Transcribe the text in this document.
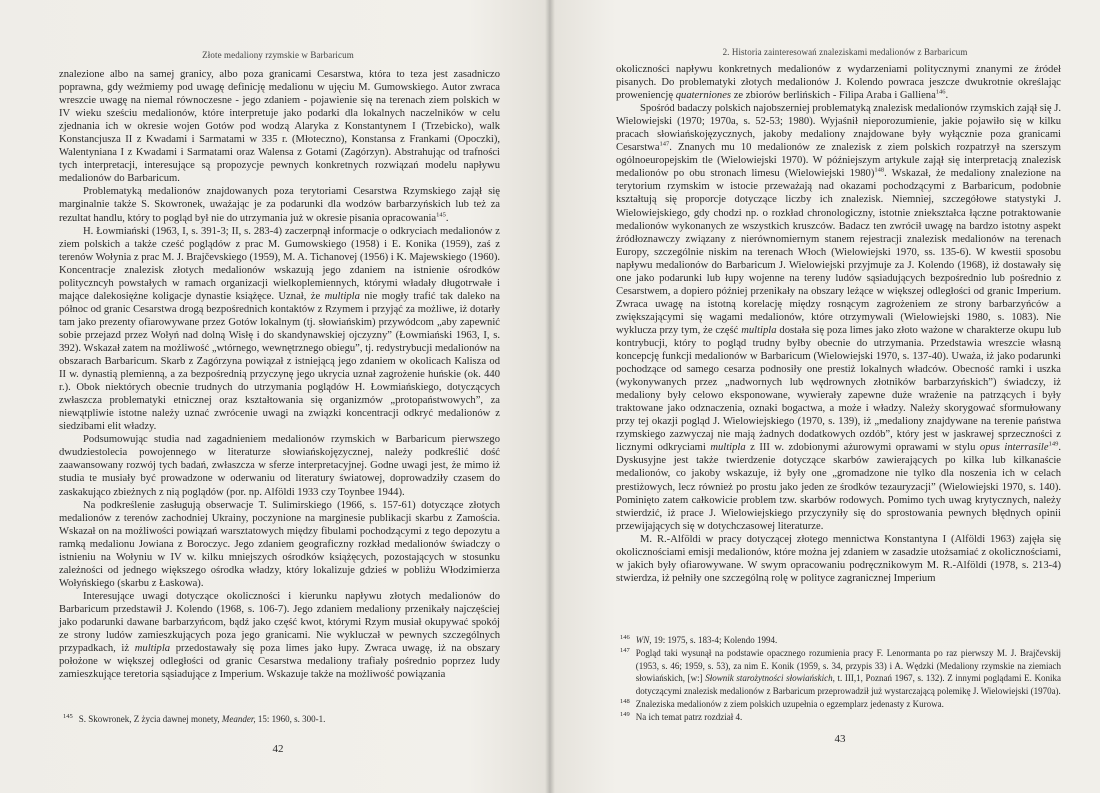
Złote medaliony rzymskie w Barbaricum

znalezione albo na samej granicy, albo poza granicami Cesarstwa, która to teza jest zasadniczo poprawna, gdy weźmiemy pod uwagę definicję medalionu w ujęciu M. Gumowskiego. Autor zwraca wreszcie uwagę na niemal równoczesne - jego zdaniem - pojawienie się na terenach ziem polskich w IV wieku sześciu medalionów, które interpretuje jako podarki dla lokalnych naczelników w celu zjednania ich w okresie wojen Gotów pod wodzą Alaryka z Konstantynem I (Trzebicko), walk Konstancjusza II z Kwadami i Sarmatami w 335 r. (Młoteczno), Konstansa z Frankami (Opoczki), Walentyniana I z Kwadami i Sarmatami oraz Walensa z Gotami (Zagórzyn). Abstrahując od trafności tych interpretacji, interesujące są propozycje pewnych konkretnych rozwiązań modelu napływu medalionów do Barbaricum.

Problematyką medalionów znajdowanych poza terytoriami Cesarstwa Rzymskiego zajął się marginalnie także S. Skowronek, uważając je za podarunki dla wodzów barbarzyńskich lub też za rezultat handlu, który to pogląd był nie do utrzymania już w okresie pisania opracowania$^{145}$.

H. Łowmiański (1963, I, s. 391-3; II, s. 283-4) zaczerpnął informacje o odkryciach medalionów z ziem polskich a także cześć poglądów z prac M. Gumowskiego (1958) i E. Konika (1959), zaś z terenów Wołynia z prac M. J. Brajčevskiego (1959), M. A. Tichanovej (1956) i K. Majewskiego (1960). Koncentracje znalezisk złotych medalionów wskazują jego zdaniem na istnienie ośrodków polityczncyh powstałych w ramach organizacji wielkoplemiennych, którymi władały długotrwałe i mające dalekosiężne koligacje dynastie książęce. Uznał, że multipla nie mogły trafić tak daleko na północ od granic Cesarstwa drogą bezpośrednich kontaktów z Rzymem i przyjąć za możliwe, iż dotarły tam jako prezenty ofiarowywane przez Gotów lokalnym (tj. słowiańskim) przywódcom „aby zapewnić sobie przejazd przez Wołyń nad dolną Wisłę i do skandynawskiej ojczyzny” (Łowmiański 1963, I, s. 392). Wskazał zatem na możliwość „wtórnego, wewnętrznego obiegu”, tj. redystrybucji medalionów na obszarach Barbaricum. Skarb z Zagórzyna powiązał z istniejącą jego zdaniem w okolicach Kalisza od II w. dynastią plemienną, a za bezpośrednią przyczynę jego ukrycia uznał zagrożenie huńskie (ok. 440 r.). Obok niektórych obecnie trudnych do utrzymania poglądów H. Łowmiańskiego, dotyczących zwłaszcza problematyki etnicznej oraz kształtowania się organizmów „protopaństwowych”, za niewątpliwie istotne należy uznać zwrócenie uwagi na związki koncentracji odkryć medalionów z siedzibami elit władzy.

Podsumowując studia nad zagadnieniem medalionów rzymskich w Barbaricum pierwszego dwudziestolecia powojennego w literaturze słowiańskojęzycznej, należy podkreślić dość zaawansowany rozwój tych badań, zwłaszcza w sferze interpretacyjnej. Godne uwagi jest, że mimo iż studia te musiały być prowadzone w oderwaniu od literatury światowej, doprowadziły czasem do zaskakująco zbieżnych z nią poglądów (por. np. Alföldi 1933 czy Toynbee 1944).

Na podkreślenie zasługują obserwacje T. Sulimirskiego (1966, s. 157-61) dotyczące złotych medalionów z terenów zachodniej Ukrainy, poczynione na marginesie publikacji skarbu z Zamościa. Wskazał on na możliwości powiązań warsztatowych między fibulami pochodzącymi z tego depozytu a ramką medalionu Jowiana z Boroczyc. Jego zdaniem geograficzny rozkład medalionów świadczy o istnieniu na Wołyniu w IV w. kilku mniejszych ośrodków książęcych, pozostających w stosunku zależności od jednego większego ośrodka władzy, który lokalizuje gdzieś w pobliżu Włodzimierza Wołyńskiego (skarbu z Łaskowa).

Interesujące uwagi dotyczące okoliczności i kierunku napływu złotych medalionów do Barbaricum przedstawił J. Kolendo (1968, s. 106-7). Jego zdaniem medaliony przenikały najczęściej jako podarunki dawane barbarzyńcom, bądź jako część kwot, którymi Rzym musiał okupywać spokój ze strony ludów zamieszkujących poza jego granicami. Nie wykluczał w pewnych szczególnych przypadkach, iż multipla przedostawały się poza limes jako łupy. Zwraca uwagę, iż na obszary położone w większej odległości od granic Cesarstwa medaliony trafiały pośrednio poprzez ludy zamieszkujące teretoria sąsiadujące z Imperium. Wskazuje także na możliwość powiązania

145 S. Skowronek, Z życia dawnej monety, Meander, 15: 1960, s. 300-1.
42
2. Historia zainteresowań znaleziskami medalionów z Barbaricum

okoliczności napływu konkretnych medalionów z wydarzeniami politycznymi znanymi ze źródeł pisanych. Do problematyki złotych medalionów J. Kolendo powraca jeszcze dwukrotnie określając proweniencję quaterniones ze zbiorów berlińskich - Filipa Araba i Galliena$^{146}$.

Spośród badaczy polskich najobszerniej problematyką znalezisk medalionów rzymskich zajął się J. Wielowiejski (1970; 1970a, s. 52-53; 1980). Wyjaśnił nieporozumienie, jakie pojawiło się w kilku pracach słowiańskojęzycznych, jakoby medaliony znajdowane były wyłącznie poza granicami Cesarstwa$^{147}$. Znanych mu 10 medalionów ze znalezisk z ziem polskich rozpatrzył na szerszym ogólnoeuropejskim tle (Wielowiejski 1970). W późniejszym artykule zajął się interpretacją znalezisk medalionów po obu stronach limesu (Wielowiejski 1980)$^{148}$. Wskazał, że medaliony znalezione na terytorium rzymskim w istocie przeważają nad okazami pochodzącymi z Barbaricum, podobnie kształtują się proporcje dotyczące liczby ich znalezisk. Niemniej, szczegółowe statystyki J. Wielowiejskiego, gdy chodzi np. o rozkład chronologiczny, istotnie zniekształca łączne potraktowanie medalionów wykonanych ze wszystkich kruszców. Badacz ten zwrócił uwagę na bardzo istotny aspekt źródłoznawczy związany z nierównomiernym stanem rejestracji znalezisk medalionów na terenach Europy, szczególnie niskim na terenach Włoch (Wielowiejski 1970, ss. 135-6). W kwestii sposobu napływu medalionów do Barbaricum J. Wielowiejski przyjmuje za J. Kolendo (1968), iż dostawały się one jako podarunki lub łupy wojenne na tereny ludów sąsiadujących bezpośrednio lub pośrednio z Cesarstwem, a dopiero później przenikały na obszary leżące w większej odległości od granic Imperium. Zwraca uwagę na istotną korelację między rosnącym zagrożeniem ze strony barbarzyńców a zwiększającymi się wagami medalionów, które otrzymywali (Wielowiejski 1980, s. 1083). Nie wyklucza przy tym, że część multipla dostała się poza limes jako złoto ważone w charakterze okupu lub kontrybucji, który to pogląd trudny byłby obecnie do utrzymania. Przedstawia wreszcie własną koncepcję funkcji medalionów w Barbaricum (Wielowiejski 1970, s. 137-40). Uważa, iż jako podarunki pochodzące od samego cesarza podnosiły one prestiż lokalnych władców. Obecność ramki i uszka (wykonywanych przez „nadwornych lub wędrownych złotników barbarzyńskich”) świadczy, iż medaliony były celowo eksponowane, wywierały zapewne duże wrażenie na patrzących i były traktowane jako odznaczenia, oznaki bogactwa, a może i władzy. Należy skorygować sformułowany przy tej okazji pogląd J. Wielowiejskiego (1970, s. 139), iż „medaliony znajdywane na terenie państwa rzymskiego zazwyczaj nie mają żadnych dodatkowych ozdób”, który jest w jaskrawej sprzeczności z licznymi odkryciami multipla z III w. zdobionymi ażurowymi oprawami w stylu opus interrasile$^{149}$. Dyskusyjne jest także twierdzenie dotyczące skarbów zawierających po kilka lub kilkanaście medalionów, co jakoby wskazuje, iż były one „gromadzone nie tylko dla noszenia ich w celach prestiżowych, lecz również po prostu jako jeden ze środków tezauryzacji” (Wielowiejski 1970, s. 140). Pominięto zatem całkowicie problem tzw. skarbów rodowych. Pomimo tych uwag krytycznych, należy stwierdzić, iż prace J. Wielowiejskiego przyczyniły się do sprostowania pewnych błędnych opinii przewijających się w dotychczasowej literaturze.

M. R.-Alföldi w pracy dotyczącej złotego mennictwa Konstantyna I (Alföldi 1963) zajęła się okolicznościami emisji medalionów, które można jej zdaniem w zasadzie utożsamiać z okolicznościami, w jakich były ofiarowywane. W swym opracowaniu podręcznikowym M. R.-Alföldi (1978, s. 213-4) stwierdza, iż pełniły one szczególną rolę w polityce zagranicznej Imperium

146 WN, 19: 1975, s. 183-4; Kolendo 1994.
147 Pogląd taki wysunął na podstawie opacznego rozumienia pracy F. Lenormanta po raz pierwszy M. J. Brajčevskij (1953, s. 46; 1959, s. 53), za nim E. Konik (1959, s. 34, przypis 33) i A. Wędzki (Medaliony rzymskie na ziemiach słowiańskich, [w:] Słownik starożytności słowiańskich, t. III,1, Poznań 1967, s. 132). Z innymi poglądami E. Konika dotyczącymi znalezisk medalionów z Barbaricum przeprowadził już wystarczającą polemikę J. Wielowiejski (1970a).
148 Znaleziska medalionów z ziem polskich uzupełnia o egzemplarz jedenasty z Kurowa.
149 Na ich temat patrz rozdział 4.
43
